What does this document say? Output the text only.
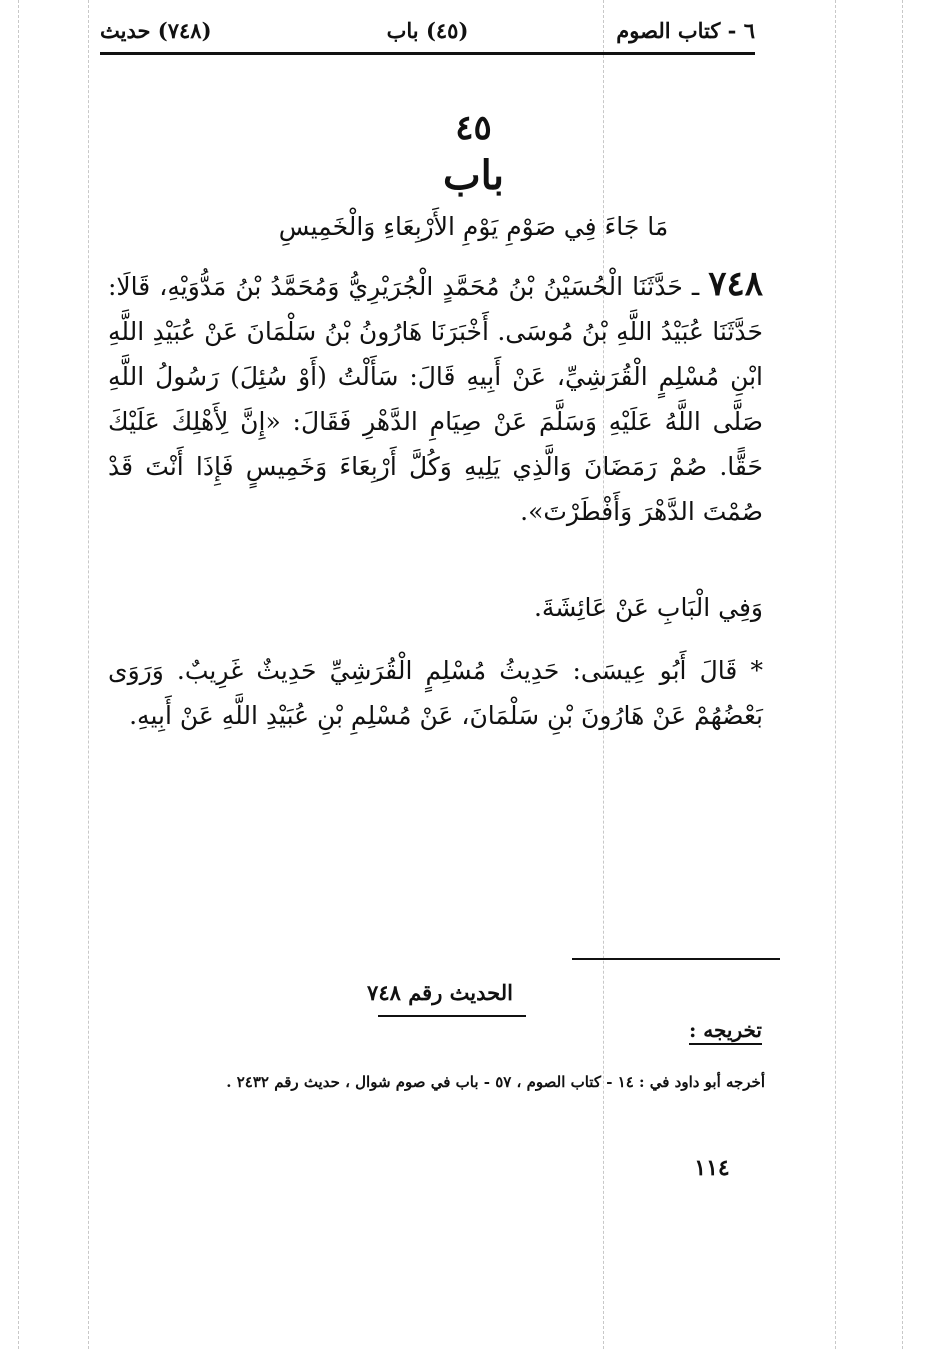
٦ - كتاب الصوم
(٤٥) باب
(٧٤٨) حديث
٤٥
باب
مَا جَاءَ فِي صَوْمِ يَوْمِ الأَرْبِعَاءِ وَالْخَمِيسِ
٧٤٨ ـ حَدَّثَنَا الْحُسَيْنُ بْنُ مُحَمَّدٍ الْجُرَيْرِيُّ وَمُحَمَّدُ بْنُ مَدُّوَيْهِ، قَالَا: حَدَّثَنَا عُبَيْدُ اللَّهِ بْنُ مُوسَى. أَخْبَرَنَا هَارُونُ بْنُ سَلْمَانَ عَنْ عُبَيْدِ اللَّهِ ابْنِ مُسْلِمٍ الْقُرَشِيِّ، عَنْ أَبِيهِ قَالَ: سَأَلْتُ (أَوْ سُئِلَ) رَسُولُ اللَّهِ صَلَّى اللَّهُ عَلَيْهِ وَسَلَّمَ عَنْ صِيَامِ الدَّهْرِ فَقَالَ: «إِنَّ لِأَهْلِكَ عَلَيْكَ حَقًّا. صُمْ رَمَضَانَ وَالَّذِي يَلِيهِ وَكُلَّ أَرْبِعَاءَ وَخَمِيسٍ فَإِذَا أَنْتَ قَدْ صُمْتَ الدَّهْرَ وَأَفْطَرْتَ».
وَفِي الْبَابِ عَنْ عَائِشَةَ.
* قَالَ أَبُو عِيسَى: حَدِيثُ مُسْلِمٍ الْقُرَشِيِّ حَدِيثٌ غَرِيبٌ. وَرَوَى بَعْضُهُمْ عَنْ هَارُونَ بْنِ سَلْمَانَ، عَنْ مُسْلِمِ بْنِ عُبَيْدِ اللَّهِ عَنْ أَبِيهِ.
الحديث رقم ٧٤٨
تخريجه :
أخرجه أبو داود في : ١٤ - كتاب الصوم ، ٥٧ - باب في صوم شوال ، حديث رقم ٢٤٣٢ .
١١٤
